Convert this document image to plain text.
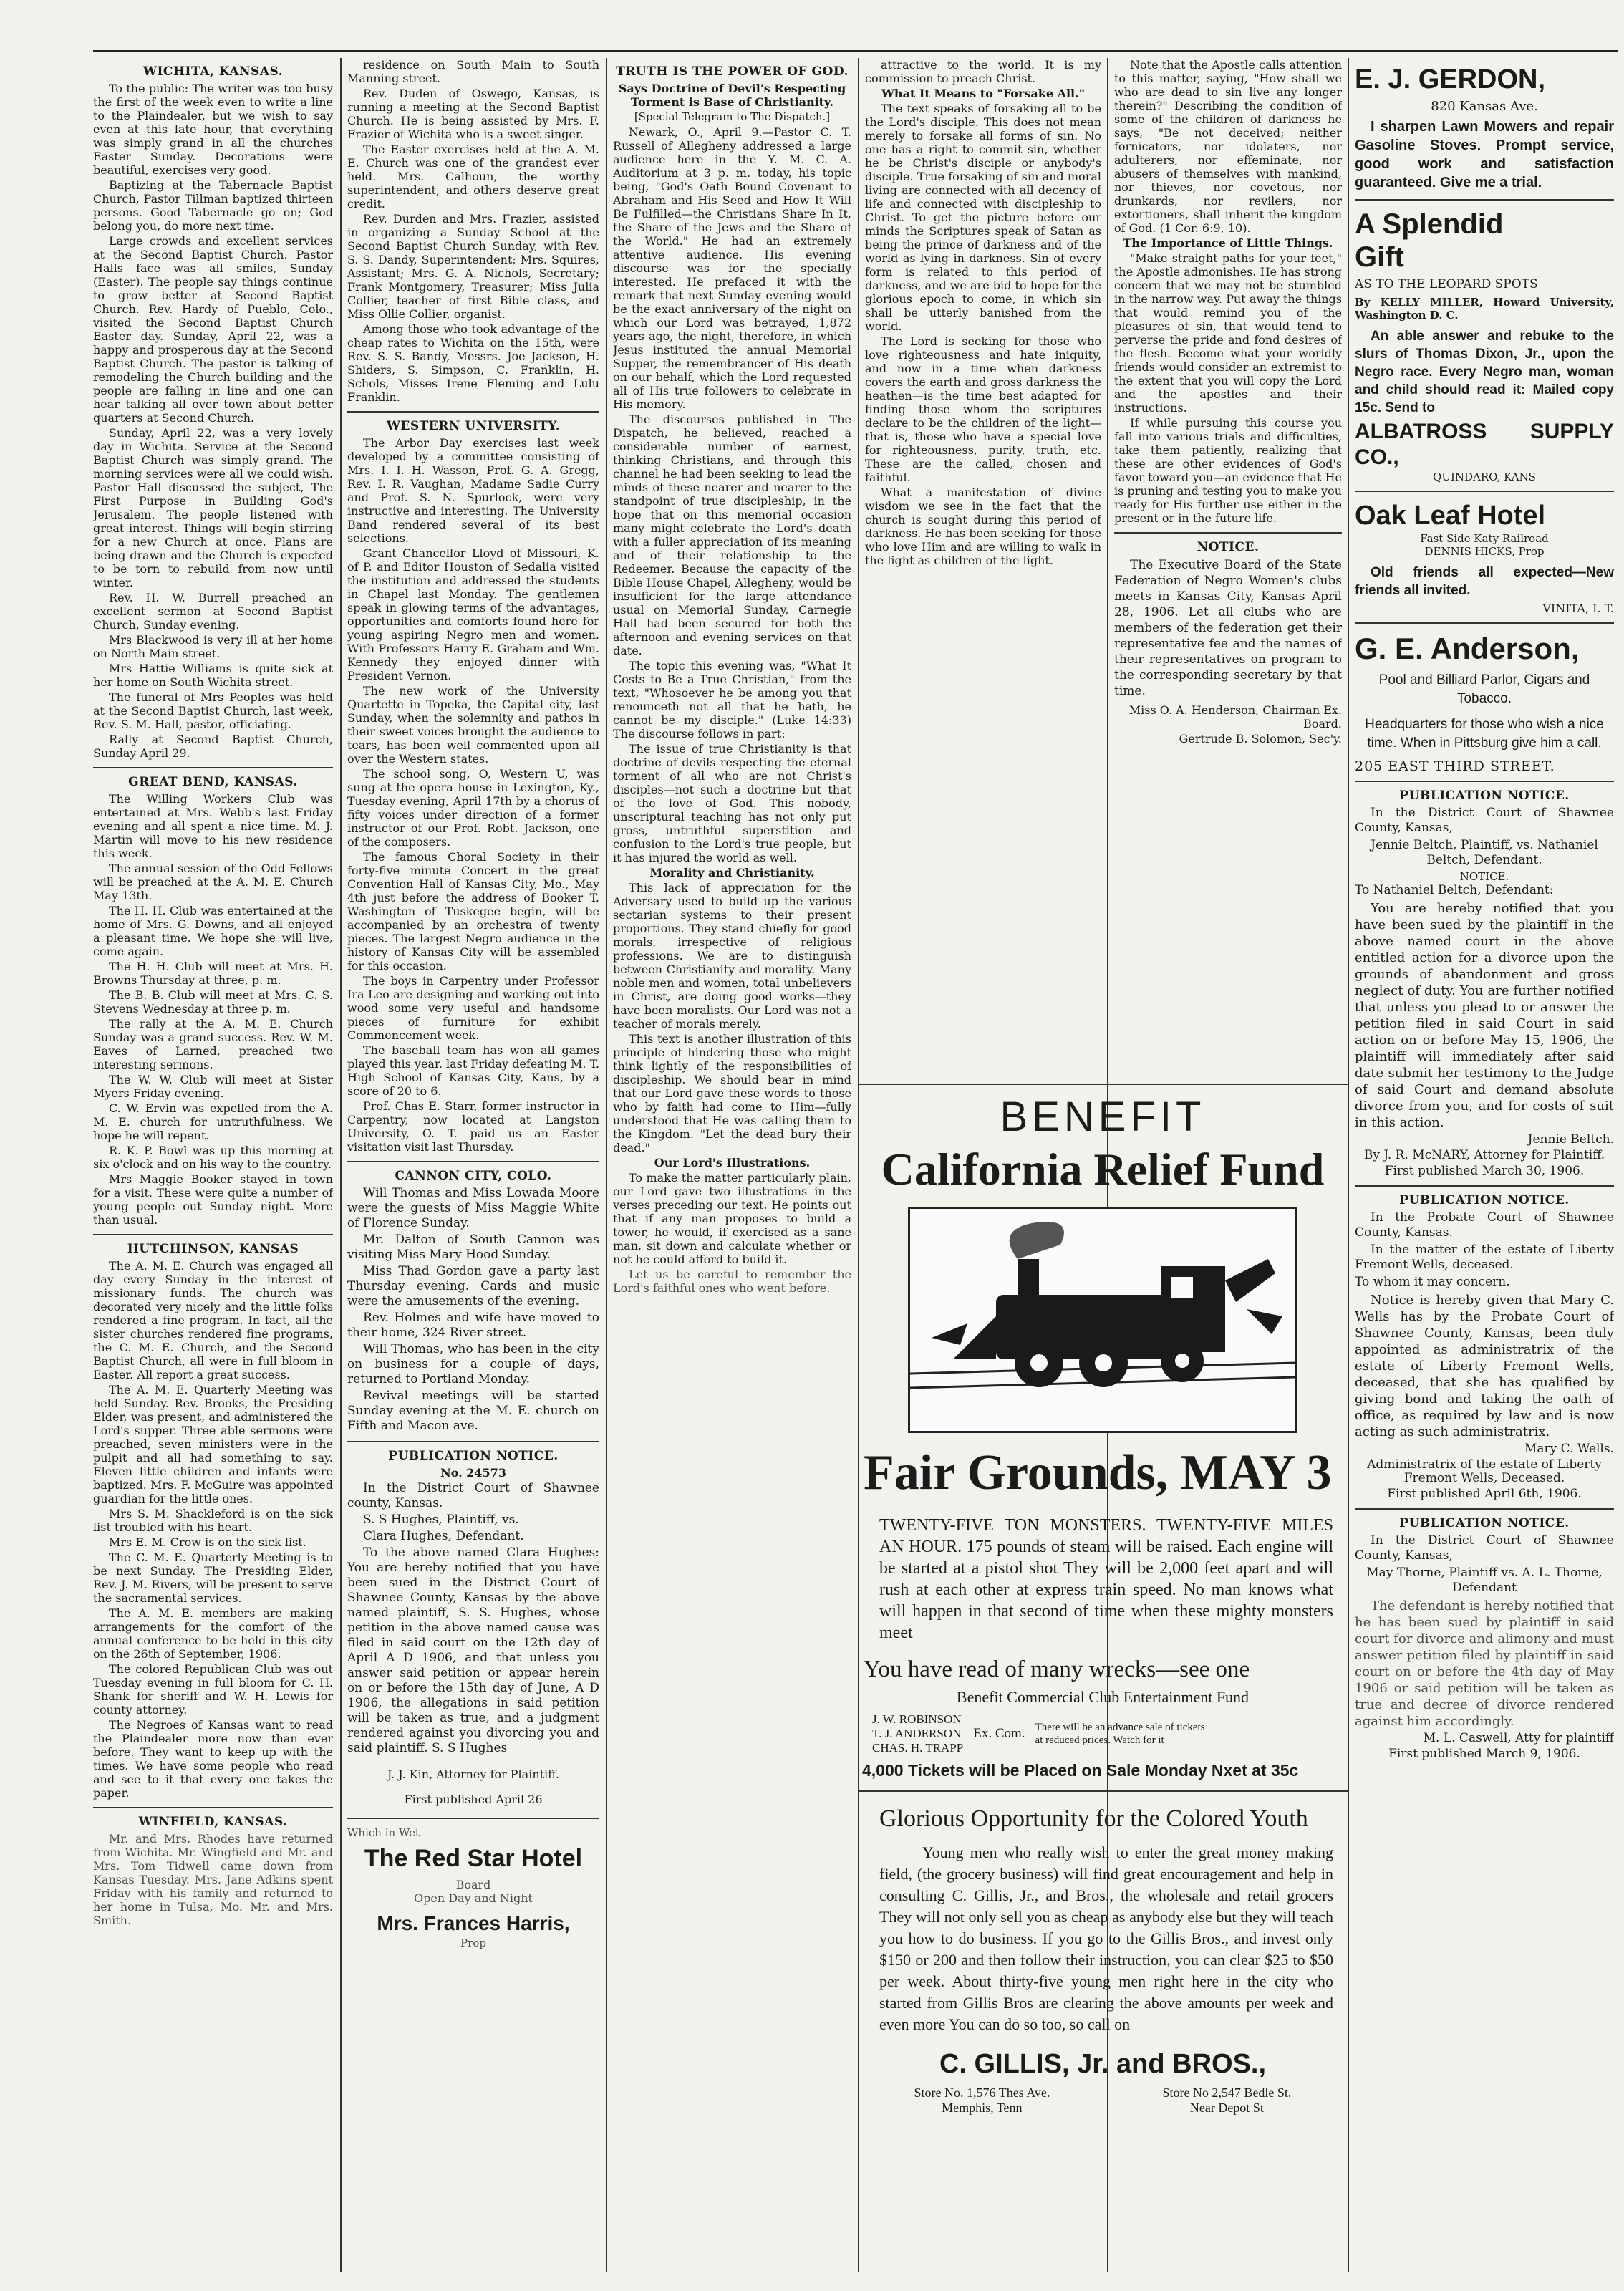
WICHITA, KANSAS.

To the public: The writer was too busy the first of the week even to write a line to the Plaindealer, but we wish to say even at this late hour, that everything was simply grand in all the churches Easter Sunday. Decorations were beautiful, exercises very good.

Baptizing at the Tabernacle Baptist Church, Pastor Tillman baptized thirteen persons. Good Tabernacle go on; God belong you, do more next time.

Large crowds and excellent services at the Second Baptist Church. Pastor Halls face was all smiles, Sunday (Easter). The people say things continue to grow better at Second Baptist Church. Rev. Hardy of Pueblo, Colo., visited the Second Baptist Church Easter day. Sunday, April 22, was a happy and prosperous day at the Second Baptist Church. The pastor is talking of remodeling the Church building and the people are falling in line and one can hear talking all over town about better quarters at Second Church.

Sunday, April 22, was a very lovely day in Wichita. Service at the Second Baptist Church was simply grand. The morning services were all we could wish. Pastor Hall discussed the subject, The First Purpose in Building God's Jerusalem. The people listened with great interest. Things will begin stirring for a new Church at once. Plans are being drawn and the Church is expected to be torn to rebuild from now until winter.

Rev. H. W. Burrell preached an excellent sermon at Second Baptist Church, Sunday evening.

Mrs Blackwood is very ill at her home on North Main street.

Mrs Hattie Williams is quite sick at her home on South Wichita street.

The funeral of Mrs Peoples was held at the Second Baptist Church, last week, Rev. S. M. Hall, pastor, officiating.

Rally at Second Baptist Church, Sunday April 29.

GREAT BEND, KANSAS.

The Willing Workers Club was entertained at Mrs. Webb's last Friday evening and all spent a nice time. M. J. Martin will move to his new residence this week.

The annual session of the Odd Fellows will be preached at the A. M. E. Church May 13th.

The H. H. Club was entertained at the home of Mrs. G. Downs, and all enjoyed a pleasant time. We hope she will live, come again.

The H. H. Club will meet at Mrs. H. Browns Thursday at three, p. m.

The B. B. Club will meet at Mrs. C. S. Stevens Wednesday at three p. m.

The rally at the A. M. E. Church Sunday was a grand success. Rev. W. M. Eaves of Larned, preached two interesting sermons.

The W. W. Club will meet at Sister Myers Friday evening.

C. W. Ervin was expelled from the A. M. E. church for untruthfulness. We hope he will repent.

R. K. P. Bowl was up this morning at six o'clock and on his way to the country.

Mrs Maggie Booker stayed in town for a visit. These were quite a number of young people out Sunday night. More than usual.

HUTCHINSON, KANSAS

The A. M. E. Church was engaged all day every Sunday in the interest of missionary funds. The church was decorated very nicely and the little folks rendered a fine program. In fact, all the sister churches rendered fine programs, the C. M. E. Church, and the Second Baptist Church, all were in full bloom in Easter. All report a great success.

The A. M. E. Quarterly Meeting was held Sunday. Rev. Brooks, the Presiding Elder, was present, and administered the Lord's supper. Three able sermons were preached, seven ministers were in the pulpit and all had something to say. Eleven little children and infants were baptized. Mrs. F. McGuire was appointed guardian for the little ones.

Mrs S. M. Shackleford is on the sick list troubled with his heart.

Mrs E. M. Crow is on the sick list.

The C. M. E. Quarterly Meeting is to be next Sunday. The Presiding Elder, Rev. J. M. Rivers, will be present to serve the sacramental services.

The A. M. E. members are making arrangements for the comfort of the annual conference to be held in this city on the 26th of September, 1906.

The colored Republican Club was out Tuesday evening in full bloom for C. H. Shank for sheriff and W. H. Lewis for county attorney.

The Negroes of Kansas want to read the Plaindealer more now than ever before. They want to keep up with the times. We have some people who read and see to it that every one takes the paper.

WINFIELD, KANSAS.

Mr. and Mrs. Rhodes have returned from Wichita. Mr. Wingfield and Mr. and Mrs. Tom Tidwell came down from Kansas Tuesday. Mrs. Jane Adkins spent Friday with his family and returned to her home in Tulsa, Mo. Mr. and Mrs. Smith.

residence on South Main to South Manning street.

Rev. Duden of Oswego, Kansas, is running a meeting at the Second Baptist Church. He is being assisted by Mrs. F. Frazier of Wichita who is a sweet singer.

The Easter exercises held at the A. M. E. Church was one of the grandest ever held. Mrs. Calhoun, the worthy superintendent, and others deserve great credit.

Rev. Durden and Mrs. Frazier, assisted in organizing a Sunday School at the Second Baptist Church Sunday, with Rev. S. S. Dandy, Superintendent; Mrs. Squires, Assistant; Mrs. G. A. Nichols, Secretary; Frank Montgomery, Treasurer; Miss Julia Collier, teacher of first Bible class, and Miss Ollie Collier, organist.

Among those who took advantage of the cheap rates to Wichita on the 15th, were Rev. S. S. Bandy, Messrs. Joe Jackson, H. Shiders, S. Simpson, C. Franklin, H. Schols, Misses Irene Fleming and Lulu Franklin.

WESTERN UNIVERSITY.

The Arbor Day exercises last week developed by a committee consisting of Mrs. I. I. H. Wasson, Prof. G. A. Gregg, Rev. I. R. Vaughan, Madame Sadie Curry and Prof. S. N. Spurlock, were very instructive and interesting. The University Band rendered several of its best selections.

Grant Chancellor Lloyd of Missouri, K. of P. and Editor Houston of Sedalia visited the institution and addressed the students in Chapel last Monday. The gentlemen speak in glowing terms of the advantages, opportunities and comforts found here for young aspiring Negro men and women. With Professors Harry E. Graham and Wm. Kennedy they enjoyed dinner with President Vernon.

The new work of the University Quartette in Topeka, the Capital city, last Sunday, when the solemnity and pathos in their sweet voices brought the audience to tears, has been well commented upon all over the Western states.

The school song, O, Western U, was sung at the opera house in Lexington, Ky., Tuesday evening, April 17th by a chorus of fifty voices under direction of a former instructor of our Prof. Robt. Jackson, one of the composers.

The famous Choral Society in their forty-five minute Concert in the great Convention Hall of Kansas City, Mo., May 4th just before the address of Booker T. Washington of Tuskegee begin, will be accompanied by an orchestra of twenty pieces. The largest Negro audience in the history of Kansas City will be assembled for this occasion.

The boys in Carpentry under Professor Ira Leo are designing and working out into wood some very useful and handsome pieces of furniture for exhibit Commencement week.

The baseball team has won all games played this year. last Friday defeating M. T. High School of Kansas City, Kans, by a score of 20 to 6.

Prof. Chas E. Starr, former instructor in Carpentry, now located at Langston University, O. T. paid us an Easter visitation visit last Thursday.

CANNON CITY, COLO.

Will Thomas and Miss Lowada Moore were the guests of Miss Maggie White of Florence Sunday.

Mr. Dalton of South Cannon was visiting Miss Mary Hood Sunday.

Miss Thad Gordon gave a party last Thursday evening. Cards and music were the amusements of the evening.

Rev. Holmes and wife have moved to their home, 324 River street.

Will Thomas, who has been in the city on business for a couple of days, returned to Portland Monday.

Revival meetings will be started Sunday evening at the M. E. church on Fifth and Macon ave.

PUBLICATION NOTICE.
No. 24573

In the District Court of Shawnee county, Kansas.

S. S Hughes, Plaintiff, vs.

Clara Hughes, Defendant.

To the above named Clara Hughes: You are hereby notified that you have been sued in the District Court of Shawnee County, Kansas by the above named plaintiff, S. S. Hughes, whose petition in the above named cause was filed in said court on the 12th day of April A D 1906, and that unless you answer said petition or appear herein on or before the 15th day of June, A D 1906, the allegations in said petition will be taken as true, and a judgment rendered against you divorcing you and said plaintiff. S. S Hughes

J. J. Kin, Attorney for Plaintiff.

First published April 26

Which in Wet
The Red Star Hotel
Board
Open Day and Night
Mrs. Frances Harris,
Prop
TRUTH IS THE POWER OF GOD.
Says Doctrine of Devil's Respecting Torment is Base of Christianity.
[Special Telegram to The Dispatch.]

Newark, O., April 9.—Pastor C. T. Russell of Allegheny addressed a large audience here in the Y. M. C. A. Auditorium at 3 p. m. today, his topic being, "God's Oath Bound Covenant to Abraham and His Seed and How It Will Be Fulfilled—the Christians Share In It, the Share of the Jews and the Share of the World." He had an extremely attentive audience. His evening discourse was for the specially interested. He prefaced it with the remark that next Sunday evening would be the exact anniversary of the night on which our Lord was betrayed, 1,872 years ago, the night, therefore, in which Jesus instituted the annual Memorial Supper, the remembrancer of His death on our behalf, which the Lord requested all of His true followers to celebrate in His memory.

The discourses published in The Dispatch, he believed, reached a considerable number of earnest, thinking Christians, and through this channel he had been seeking to lead the minds of these nearer and nearer to the standpoint of true discipleship, in the hope that on this memorial occasion many might celebrate the Lord's death with a fuller appreciation of its meaning and of their relationship to the Redeemer. Because the capacity of the Bible House Chapel, Allegheny, would be insufficient for the large attendance usual on Memorial Sunday, Carnegie Hall had been secured for both the afternoon and evening services on that date.

The topic this evening was, "What It Costs to Be a True Christian," from the text, "Whosoever he be among you that renounceth not all that he hath, he cannot be my disciple." (Luke 14:33) The discourse follows in part:

The issue of true Christianity is that doctrine of devils respecting the eternal torment of all who are not Christ's disciples—not such a doctrine but that of the love of God. This nobody, unscriptural teaching has not only put gross, untruthful superstition and confusion to the Lord's true people, but it has injured the world as well.

Morality and Christianity.

This lack of appreciation for the Adversary used to build up the various sectarian systems to their present proportions. They stand chiefly for good morals, irrespective of religious professions. We are to distinguish between Christianity and morality. Many noble men and women, total unbelievers in Christ, are doing good works—they have been moralists. Our Lord was not a teacher of morals merely.

This text is another illustration of this principle of hindering those who might think lightly of the responsibilities of discipleship. We should bear in mind that our Lord gave these words to those who by faith had come to Him—fully understood that He was calling them to the Kingdom. "Let the dead bury their dead."

Our Lord's Illustrations.

To make the matter particularly plain, our Lord gave two illustrations in the verses preceding our text. He points out that if any man proposes to build a tower, he would, if exercised as a sane man, sit down and calculate whether or not he could afford to build it.

Let us be careful to remember the Lord's faithful ones who went before.

attractive to the world. It is my commission to preach Christ.

What It Means to "Forsake All."

The text speaks of forsaking all to be the Lord's disciple. This does not mean merely to forsake all forms of sin. No one has a right to commit sin, whether he be Christ's disciple or anybody's disciple. True forsaking of sin and moral living are connected with all decency of life and connected with discipleship to Christ. To get the picture before our minds the Scriptures speak of Satan as being the prince of darkness and of the world as lying in darkness. Sin of every form is related to this period of darkness, and we are bid to hope for the glorious epoch to come, in which sin shall be utterly banished from the world.

The Lord is seeking for those who love righteousness and hate iniquity, and now in a time when darkness covers the earth and gross darkness the heathen—is the time best adapted for finding those whom the scriptures declare to be the children of the light—that is, those who have a special love for righteousness, purity, truth, etc. These are the called, chosen and faithful.

What a manifestation of divine wisdom we see in the fact that the church is sought during this period of darkness. He has been seeking for those who love Him and are willing to walk in the light as children of the light.

Note that the Apostle calls attention to this matter, saying, "How shall we who are dead to sin live any longer therein?" Describing the condition of some of the children of darkness he says, "Be not deceived; neither fornicators, nor idolaters, nor adulterers, nor effeminate, nor abusers of themselves with mankind, nor thieves, nor covetous, nor drunkards, nor revilers, nor extortioners, shall inherit the kingdom of God. (1 Cor. 6:9, 10).

The Importance of Little Things.

"Make straight paths for your feet," the Apostle admonishes. He has strong concern that we may not be stumbled in the narrow way. Put away the things that would remind you of the pleasures of sin, that would tend to perverse the pride and fond desires of the flesh. Become what your worldly friends would consider an extremist to the extent that you will copy the Lord and the apostles and their instructions.

If while pursuing this course you fall into various trials and difficulties, take them patiently, realizing that these are other evidences of God's favor toward you—an evidence that He is pruning and testing you to make you ready for His further use either in the present or in the future life.

NOTICE.

The Executive Board of the State Federation of Negro Women's clubs meets in Kansas City, Kansas April 28, 1906. Let all clubs who are members of the federation get their representative fee and the names of their representatives on program to the corresponding secretary by that time.

Miss O. A. Henderson, Chairman Ex. Board.

Gertrude B. Solomon, Sec'y.

BENEFIT
California Relief Fund
Fair Grounds, MAY 3

TWENTY-FIVE TON MONSTERS. TWENTY-FIVE MILES AN HOUR. 175 pounds of steam will be raised. Each engine will be started at a pistol shot They will be 2,000 feet apart and will rush at each other at express train speed. No man knows what will happen in that second of time when these mighty monsters meet

You have read of many wrecks—see one
Benefit Commercial Club Entertainment Fund
J. W. ROBINSON
T. J. ANDERSON
CHAS. H. TRAPP
Ex. Com. There will be an advance sale of tickets at reduced prices. Watch for it
4,000 Tickets will be Placed on Sale Monday Nxet at 35c
Glorious Opportunity for the Colored Youth

Young men who really wish to enter the great money making field, (the grocery business) will find great encouragement and help in consulting C. Gillis, Jr., and Bros., the wholesale and retail grocers They will not only sell you as cheap as anybody else but they will teach you how to do business. If you go to the Gillis Bros., and invest only $150 or 200 and then follow their instruction, you can clear $25 to $50 per week. About thirty-five young men right here in the city who started from Gillis Bros are clearing the above amounts per week and even more You can do so too, so call on

C. GILLIS, Jr. and BROS.,
Store No. 1,576 Thes Ave.	Store No 2,547 Bedle St.
Memphis, Tenn	Near Depot St
E. J. GERDON,
820 Kansas Ave.

I sharpen Lawn Mowers and repair Gasoline Stoves. Prompt service, good work and satisfaction guaranteed. Give me a trial.

A Splendid
Gift
AS TO THE LEOPARD SPOTS
By KELLY MILLER, Howard University, Washington D. C.

An able answer and rebuke to the slurs of Thomas Dixon, Jr., upon the Negro race. Every Negro man, woman and child should read it: Mailed copy 15c. Send to

ALBATROSS SUPPLY CO.,
QUINDARO, KANS
Oak Leaf Hotel
Fast Side Katy Railroad
DENNIS HICKS, Prop

Old friends all expected—New friends all invited.

VINITA, I. T.
G. E. Anderson,
Pool and Billiard Parlor, Cigars and Tobacco.

Headquarters for those who wish a nice time. When in Pittsburg give him a call.

205 EAST THIRD STREET.
PUBLICATION NOTICE.

In the District Court of Shawnee County, Kansas,

Jennie Beltch, Plaintiff, vs. Nathaniel Beltch, Defendant.

NOTICE.

To Nathaniel Beltch, Defendant:

You are hereby notified that you have been sued by the plaintiff in the above named court in the above entitled action for a divorce upon the grounds of abandonment and gross neglect of duty. You are further notified that unless you plead to or answer the petition filed in said Court in said action on or before May 15, 1906, the plaintiff will immediately after said date submit her testimony to the Judge of said Court and demand absolute divorce from you, and for costs of suit in this action.

Jennie Beltch.

By J. R. McNARY, Attorney for Plaintiff.

First published March 30, 1906.

PUBLICATION NOTICE.

In the Probate Court of Shawnee County, Kansas.

In the matter of the estate of Liberty Fremont Wells, deceased.

To whom it may concern.

Notice is hereby given that Mary C. Wells has by the Probate Court of Shawnee County, Kansas, been duly appointed as administratrix of the estate of Liberty Fremont Wells, deceased, that she has qualified by giving bond and taking the oath of office, as required by law and is now acting as such administratrix.

Mary C. Wells.

Administratrix of the estate of Liberty Fremont Wells, Deceased.

First published April 6th, 1906.

PUBLICATION NOTICE.

In the District Court of Shawnee County, Kansas,

May Thorne, Plaintiff vs. A. L. Thorne, Defendant

The defendant is hereby notified that he has been sued by plaintiff in said court for divorce and alimony and must answer petition filed by plaintiff in said court on or before the 4th day of May 1906 or said petition will be taken as true and decree of divorce rendered against him accordingly.

M. L. Caswell, Atty for plaintiff

First published March 9, 1906.
